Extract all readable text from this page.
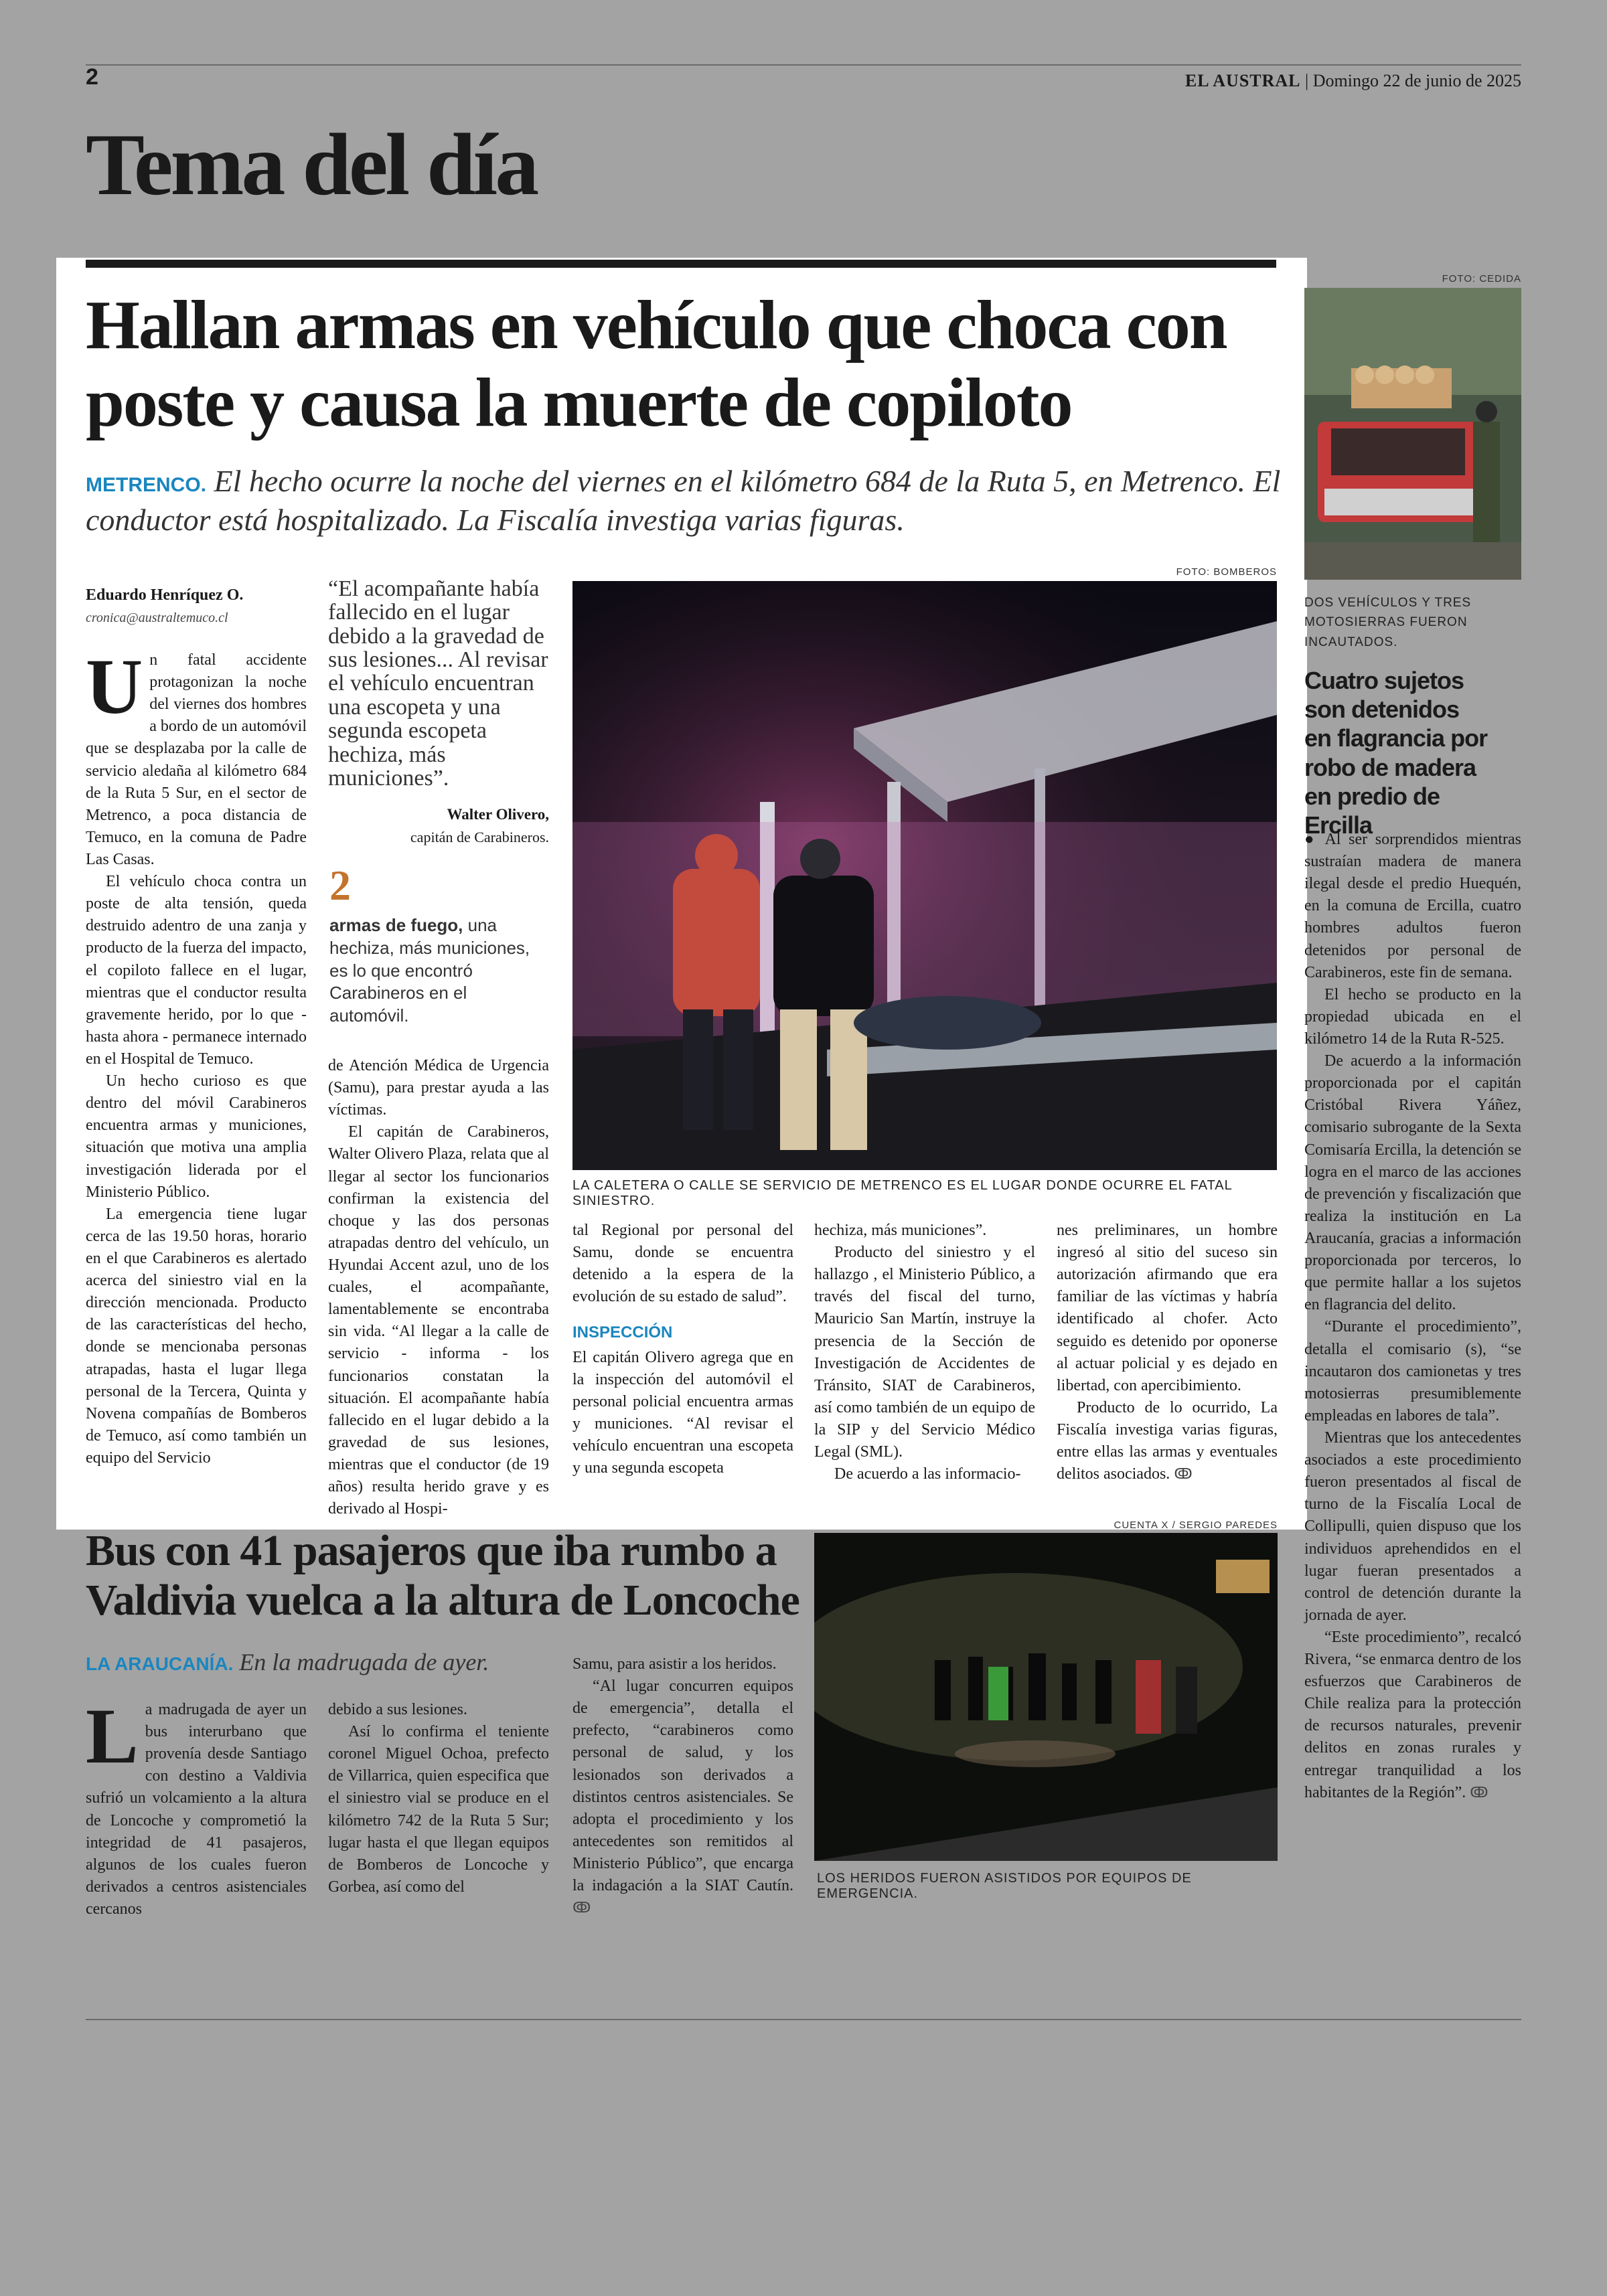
2	EL AUSTRAL | Domingo 22 de junio de 2025
Tema del día
Hallan armas en vehículo que choca con poste y causa la muerte de copiloto
METRENCO. El hecho ocurre la noche del viernes en el kilómetro 684 de la Ruta 5, en Metrenco. El conductor está hospitalizado. La Fiscalía investiga varias figuras.
Eduardo Henríquez O.
cronica@australtemuco.cl
U n fatal accidente protagonizan la noche del viernes dos hombres a bordo de un automóvil que se desplazaba por la calle de servicio aledaña al kilómetro 684 de la Ruta 5 Sur, en el sector de Metrenco, a poca distancia de Temuco, en la comuna de Padre Las Casas.

El vehículo choca contra un poste de alta tensión, queda destruido adentro de una zanja y producto de la fuerza del impacto, el copiloto fallece en el lugar, mientras que el conductor resulta gravemente herido, por lo que - hasta ahora - permanece internado en el Hospital de Temuco.

Un hecho curioso es que dentro del móvil Carabineros encuentra armas y municiones, situación que motiva una amplia investigación liderada por el Ministerio Público.

La emergencia tiene lugar cerca de las 19.50 horas, horario en el que Carabineros es alertado acerca del siniestro vial en la dirección mencionada. Producto de las características del hecho, donde se mencionaba personas atrapadas, hasta el lugar llega personal de la Tercera, Quinta y Novena compañías de Bomberos de Temuco, así como también un equipo del Servicio

“El acompañante había fallecido en el lugar debido a la gravedad de sus lesiones... Al revisar el vehículo encuentran una escopeta y una segunda escopeta hechiza, más municiones”.
Walter Olivero,
capitán de Carabineros.
2
armas de fuego, una hechiza, más municiones, es lo que encontró Carabineros en el automóvil.

de Atención Médica de Urgencia (Samu), para prestar ayuda a las víctimas.

El capitán de Carabineros, Walter Olivero Plaza, relata que al llegar al sector los funcionarios confirman la existencia del choque y las dos personas atrapadas dentro del vehículo, un Hyundai Accent azul, uno de los cuales, el acompañante, lamentablemente se encontraba sin vida. “Al llegar a la calle de servicio - informa - los funcionarios constatan la situación. El acompañante había fallecido en el lugar debido a la gravedad de sus lesiones, mientras que el conductor (de 19 años) resulta herido grave y es derivado al Hospi-

FOTO: BOMBEROS
LA CALETERA O CALLE SE SERVICIO DE METRENCO ES EL LUGAR DONDE OCURRE EL FATAL SINIESTRO.

tal Regional por personal del Samu, donde se encuentra detenido a la espera de la evolución de su estado de salud”.

INSPECCIÓN

El capitán Olivero agrega que en la inspección del automóvil el personal policial encuentra armas y municiones. “Al revisar el vehículo encuentran una escopeta y una segunda escopeta

hechiza, más municiones”.

Producto del siniestro y el hallazgo , el Ministerio Público, a través del fiscal del turno, Mauricio San Martín, instruye la presencia de la Sección de Investigación de Accidentes de Tránsito, SIAT de Carabineros, así como también de un equipo de la SIP y del Servicio Médico Legal (SML).

De acuerdo a las informacio-

nes preliminares, un hombre ingresó al sitio del suceso sin autorización afirmando que era familiar de las víctimas y habría identificado al chofer. Acto seguido es detenido por oponerse al actuar policial y es dejado en libertad, con apercibimiento.

Producto de lo ocurrido, La Fiscalía investiga varias figuras, entre ellas las armas y eventuales delitos asociados. ↂ

Bus con 41 pasajeros que iba rumbo a Valdivia vuelca a la altura de Loncoche
LA ARAUCANÍA. En la madrugada de ayer.
L a madrugada de ayer un bus interurbano que provenía desde Santiago con destino a Valdivia sufrió un volcamiento a la altura de Loncoche y comprometió la integridad de 41 pasajeros, algunos de los cuales fueron derivados a centros asistenciales cercanos

debido a sus lesiones.

Así lo confirma el teniente coronel Miguel Ochoa, prefecto de Villarrica, quien especifica que el siniestro vial se produce en el kilómetro 742 de la Ruta 5 Sur; lugar hasta el que llegan equipos de Bomberos de Loncoche y Gorbea, así como del

Samu, para asistir a los heridos.

“Al lugar concurren equipos de emergencia”, detalla el prefecto, “carabineros como personal de salud, y los lesionados son derivados a distintos centros asistenciales. Se adopta el procedimiento y los antecedentes son remitidos al Ministerio Público”, que encarga la indagación a la SIAT Cautín. ↂ

CUENTA X / SERGIO PAREDES
LOS HERIDOS FUERON ASISTIDOS POR EQUIPOS DE EMERGENCIA.
FOTO: CEDIDA
DOS VEHÍCULOS Y TRES MOTOSIERRAS FUERON INCAUTADOS.
Cuatro sujetos son detenidos en flagrancia por robo de madera en predio de Ercilla

● Al ser sorprendidos mientras sustraían madera de manera ilegal desde el predio Huequén, en la comuna de Ercilla, cuatro hombres adultos fueron detenidos por personal de Carabineros, este fin de semana.

El hecho se producto en la propiedad ubicada en el kilómetro 14 de la Ruta R-525.

De acuerdo a la información proporcionada por el capitán Cristóbal Rivera Yáñez, comisario subrogante de la Sexta Comisaría Ercilla, la detención se logra en el marco de las acciones de prevención y fiscalización que realiza la institución en La Araucanía, gracias a información proporcionada por terceros, lo que permite hallar a los sujetos en flagrancia del delito.

“Durante el procedimiento”, detalla el comisario (s), “se incautaron dos camionetas y tres motosierras presumiblemente empleadas en labores de tala”.

Mientras que los antecedentes asociados a este procedimiento fueron presentados al fiscal de turno de la Fiscalía Local de Collipulli, quien dispuso que los individuos aprehendidos en el lugar fueran presentados a control de detención durante la jornada de ayer.

“Este procedimiento”, recalcó Rivera, “se enmarca dentro de los esfuerzos que Carabineros de Chile realiza para la protección de recursos naturales, prevenir delitos en zonas rurales y entregar tranquilidad a los habitantes de la Región”. ↂ
